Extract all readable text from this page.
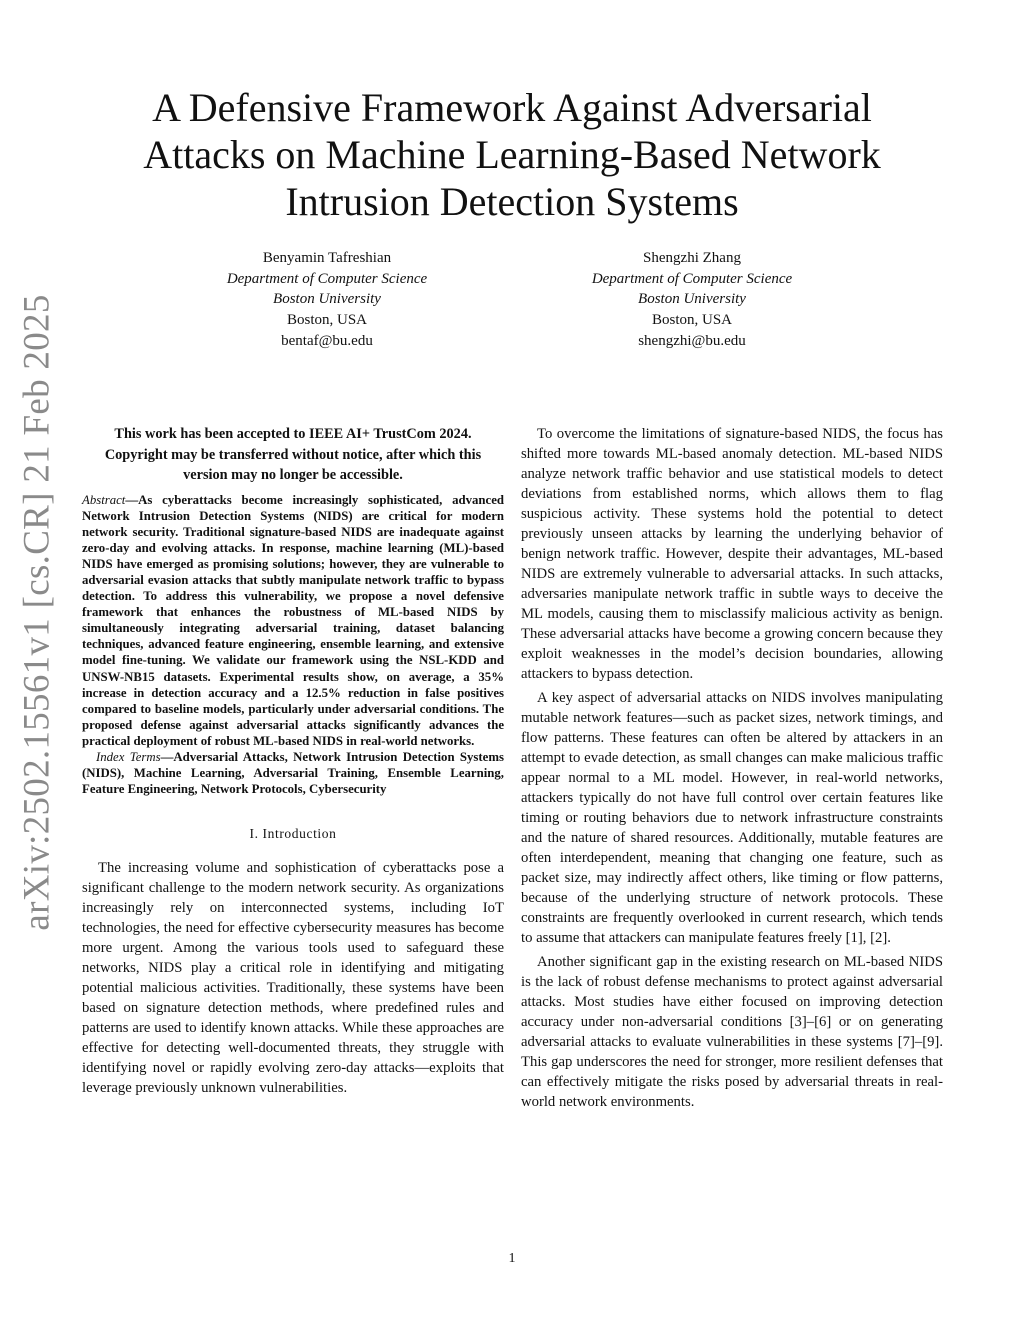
arXiv:2502.15561v1 [cs.CR] 21 Feb 2025
A Defensive Framework Against Adversarial Attacks on Machine Learning-Based Network Intrusion Detection Systems
Benyamin Tafreshian
Department of Computer Science
Boston University
Boston, USA
bentaf@bu.edu
Shengzhi Zhang
Department of Computer Science
Boston University
Boston, USA
shengzhi@bu.edu

This work has been accepted to IEEE AI+ TrustCom 2024. Copyright may be transferred without notice, after which this version may no longer be accessible.

Abstract—As cyberattacks become increasingly sophisticated, advanced Network Intrusion Detection Systems (NIDS) are critical for modern network security. Traditional signature-based NIDS are inadequate against zero-day and evolving attacks. In response, machine learning (ML)-based NIDS have emerged as promising solutions; however, they are vulnerable to adversarial evasion attacks that subtly manipulate network traffic to bypass detection. To address this vulnerability, we propose a novel defensive framework that enhances the robustness of ML-based NIDS by simultaneously integrating adversarial training, dataset balancing techniques, advanced feature engineering, ensemble learning, and extensive model fine-tuning. We validate our framework using the NSL-KDD and UNSW-NB15 datasets. Experimental results show, on average, a 35% increase in detection accuracy and a 12.5% reduction in false positives compared to baseline models, particularly under adversarial conditions. The proposed defense against adversarial attacks significantly advances the practical deployment of robust ML-based NIDS in real-world networks.

Index Terms—Adversarial Attacks, Network Intrusion Detection Systems (NIDS), Machine Learning, Adversarial Training, Ensemble Learning, Feature Engineering, Network Protocols, Cybersecurity

I. Introduction

The increasing volume and sophistication of cyberattacks pose a significant challenge to the modern network security. As organizations increasingly rely on interconnected systems, including IoT technologies, the need for effective cybersecurity measures has become more urgent. Among the various tools used to safeguard these networks, NIDS play a critical role in identifying and mitigating potential malicious activities. Traditionally, these systems have been based on signature detection methods, where predefined rules and patterns are used to identify known attacks. While these approaches are effective for detecting well-documented threats, they struggle with identifying novel or rapidly evolving zero-day attacks—exploits that leverage previously unknown vulnerabilities.

To overcome the limitations of signature-based NIDS, the focus has shifted more towards ML-based anomaly detection. ML-based NIDS analyze network traffic behavior and use statistical models to detect deviations from established norms, which allows them to flag suspicious activity. These systems hold the potential to detect previously unseen attacks by learning the underlying behavior of benign network traffic. However, despite their advantages, ML-based NIDS are extremely vulnerable to adversarial attacks. In such attacks, adversaries manipulate network traffic in subtle ways to deceive the ML models, causing them to misclassify malicious activity as benign. These adversarial attacks have become a growing concern because they exploit weaknesses in the model’s decision boundaries, allowing attackers to bypass detection.

A key aspect of adversarial attacks on NIDS involves manipulating mutable network features—such as packet sizes, network timings, and flow patterns. These features can often be altered by attackers in an attempt to evade detection, as small changes can make malicious traffic appear normal to a ML model. However, in real-world networks, attackers typically do not have full control over certain features like timing or routing behaviors due to network infrastructure constraints and the nature of shared resources. Additionally, mutable features are often interdependent, meaning that changing one feature, such as packet size, may indirectly affect others, like timing or flow patterns, because of the underlying structure of network protocols. These constraints are frequently overlooked in current research, which tends to assume that attackers can manipulate features freely [1], [2].

Another significant gap in the existing research on ML-based NIDS is the lack of robust defense mechanisms to protect against adversarial attacks. Most studies have either focused on improving detection accuracy under non-adversarial conditions [3]–[6] or on generating adversarial attacks to evaluate vulnerabilities in these systems [7]–[9]. This gap underscores the need for stronger, more resilient defenses that can effectively mitigate the risks posed by adversarial threats in real-world network environments.

1
